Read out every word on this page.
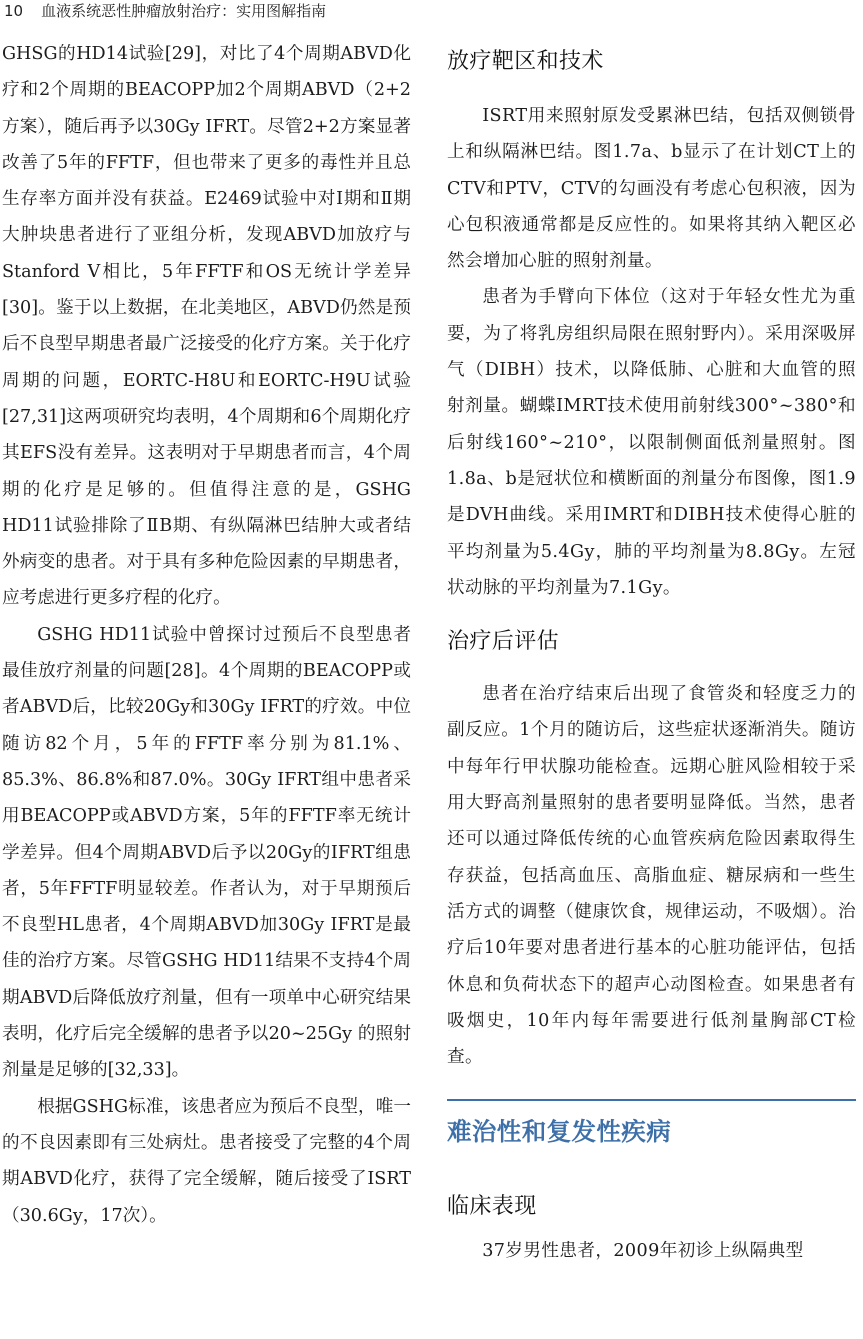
10 血液系统恶性肿瘤放射治疗：实用图解指南

GHSG的HD14试验[29]，对比了4个周期ABVD化疗和2个周期的BEACOPP加2个周期ABVD（2+2方案），随后再予以30Gy IFRT。尽管2+2方案显著改善了5年的FFTF，但也带来了更多的毒性并且总生存率方面并没有获益。E2469试验中对Ⅰ期和Ⅱ期大肿块患者进行了亚组分析，发现ABVD加放疗与Stanford V相比，5年FFTF和OS无统计学差异[30]。鉴于以上数据，在北美地区，ABVD仍然是预后不良型早期患者最广泛接受的化疗方案。关于化疗周期的问题，EORTC-H8U和EORTC-H9U试验[27,31]这两项研究均表明，4个周期和6个周期化疗其EFS没有差异。这表明对于早期患者而言，4个周期的化疗是足够的。但值得注意的是，GSHG HD11试验排除了ⅡB期、有纵隔淋巴结肿大或者结外病变的患者。对于具有多种危险因素的早期患者，应考虑进行更多疗程的化疗。

GSHG HD11试验中曾探讨过预后不良型患者最佳放疗剂量的问题[28]。4个周期的BEACOPP或者ABVD后，比较20Gy和30Gy IFRT的疗效。中位随访82个月，5年的FFTF率分别为81.1%、85.3%、86.8%和87.0%。30Gy IFRT组中患者采用BEACOPP或ABVD方案，5年的FFTF率无统计学差异。但4个周期ABVD后予以20Gy的IFRT组患者，5年FFTF明显较差。作者认为，对于早期预后不良型HL患者，4个周期ABVD加30Gy IFRT是最佳的治疗方案。尽管GSHG HD11结果不支持4个周期ABVD后降低放疗剂量，但有一项单中心研究结果表明，化疗后完全缓解的患者予以20~25Gy 的照射剂量是足够的[32,33]。

根据GSHG标准，该患者应为预后不良型，唯一的不良因素即有三处病灶。患者接受了完整的4个周期ABVD化疗，获得了完全缓解，随后接受了ISRT（30.6Gy，17次）。

放疗靶区和技术

ISRT用来照射原发受累淋巴结，包括双侧锁骨上和纵隔淋巴结。图1.7a、b显示了在计划CT上的CTV和PTV，CTV的勾画没有考虑心包积液，因为心包积液通常都是反应性的。如果将其纳入靶区必然会增加心脏的照射剂量。

患者为手臂向下体位（这对于年轻女性尤为重要，为了将乳房组织局限在照射野内）。采用深吸屏气（DIBH）技术，以降低肺、心脏和大血管的照射剂量。蝴蝶IMRT技术使用前射线300°~380°和后射线160°~210°，以限制侧面低剂量照射。图1.8a、b是冠状位和横断面的剂量分布图像，图1.9是DVH曲线。采用IMRT和DIBH技术使得心脏的平均剂量为5.4Gy，肺的平均剂量为8.8Gy。左冠状动脉的平均剂量为7.1Gy。

治疗后评估

患者在治疗结束后出现了食管炎和轻度乏力的副反应。1个月的随访后，这些症状逐渐消失。随访中每年行甲状腺功能检查。远期心脏风险相较于采用大野高剂量照射的患者要明显降低。当然，患者还可以通过降低传统的心血管疾病危险因素取得生存获益，包括高血压、高脂血症、糖尿病和一些生活方式的调整（健康饮食，规律运动，不吸烟）。治疗后10年要对患者进行基本的心脏功能评估，包括休息和负荷状态下的超声心动图检查。如果患者有吸烟史，10年内每年需要进行低剂量胸部CT检查。

难治性和复发性疾病
临床表现

37岁男性患者，2009年初诊上纵隔典型
